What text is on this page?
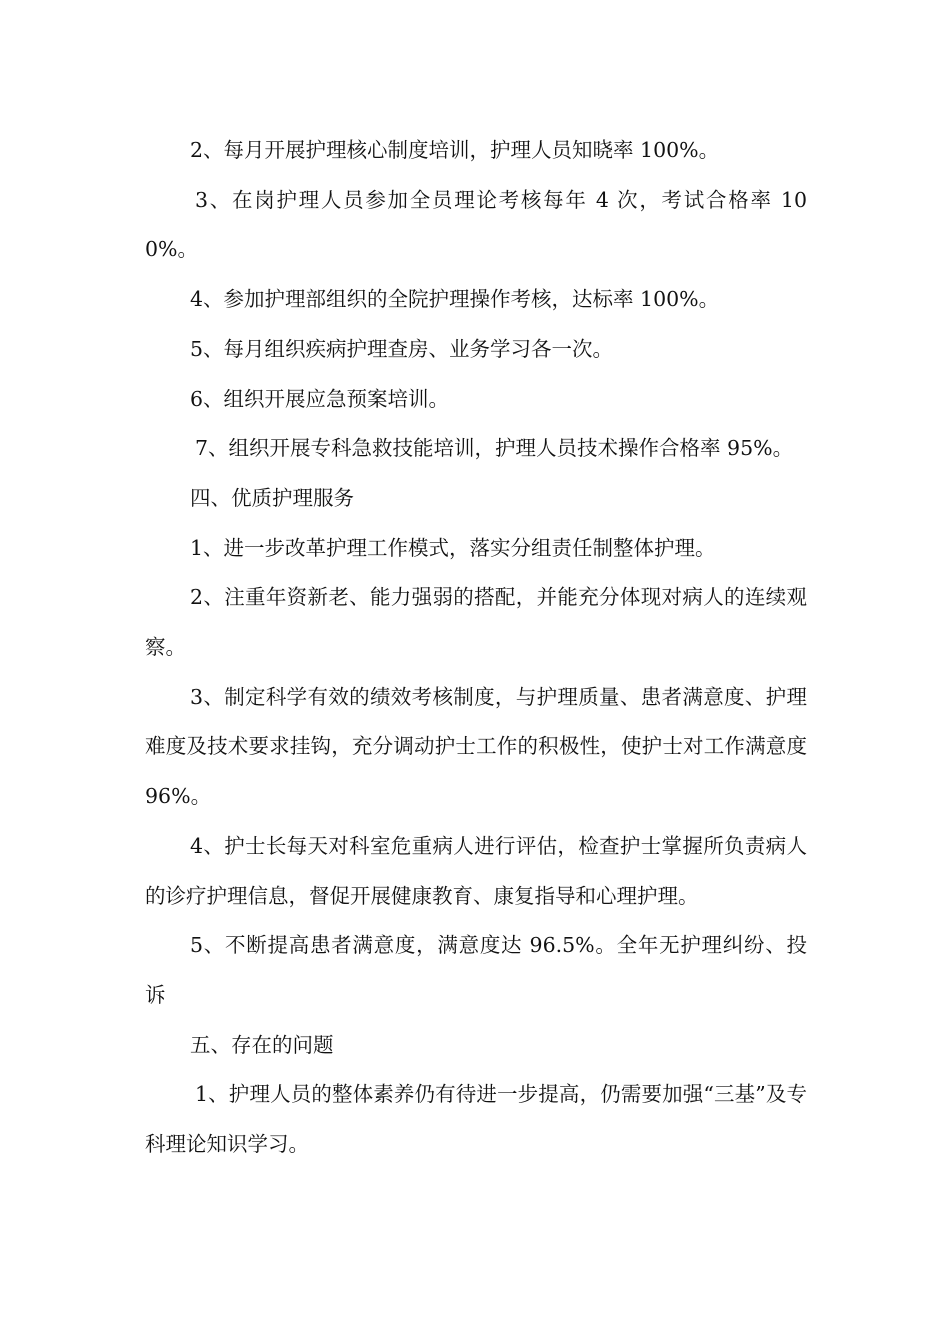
2、每月开展护理核心制度培训，护理人员知晓率 100%。

3、在岗护理人员参加全员理论考核每年 4 次，考试合格率 100%。

4、参加护理部组织的全院护理操作考核，达标率 100%。

5、每月组织疾病护理查房、业务学习各一次。

6、组织开展应急预案培训。

7、组织开展专科急救技能培训，护理人员技术操作合格率 95%。

四、优质护理服务

1、进一步改革护理工作模式，落实分组责任制整体护理。

2、注重年资新老、能力强弱的搭配，并能充分体现对病人的连续观察。

3、制定科学有效的绩效考核制度，与护理质量、患者满意度、护理难度及技术要求挂钩，充分调动护士工作的积极性，使护士对工作满意度 96%。

4、护士长每天对科室危重病人进行评估，检查护士掌握所负责病人的诊疗护理信息，督促开展健康教育、康复指导和心理护理。

5、不断提高患者满意度，满意度达 96.5%。全年无护理纠纷、投诉

五、存在的问题

1、护理人员的整体素养仍有待进一步提高，仍需要加强“三基”及专科理论知识学习。
